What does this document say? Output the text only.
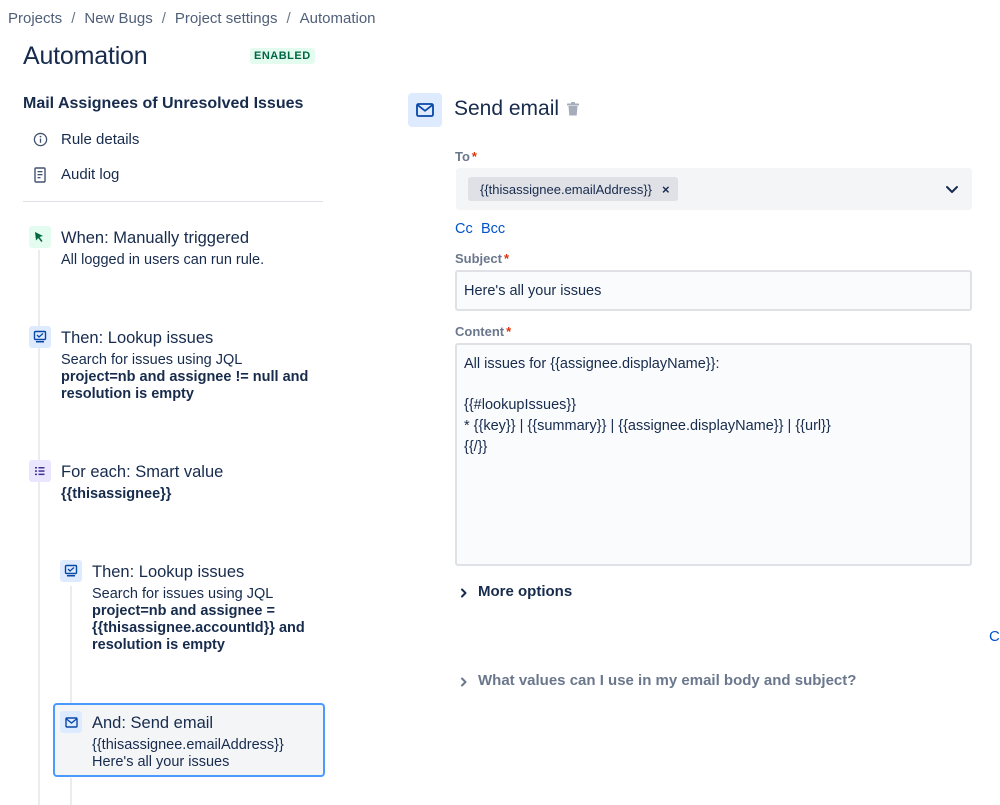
Projects / New Bugs / Project settings / Automation
Automation	ENABLED
Mail Assignees of Unresolved Issues
Rule details
Audit log
When: Manually triggered
All logged in users can run rule.
Then: Lookup issues
Search for issues using JQL
project=nb and assignee != null and
resolution is empty
For each: Smart value
{{thisassignee}}
Then: Lookup issues
Search for issues using JQL
project=nb and assignee =
{{thisassignee.accountId}} and
resolution is empty
And: Send email
{{thisassignee.emailAddress}}
Here's all your issues
Send email
To *
{{thisassignee.emailAddress}} ×
Cc Bcc
Subject *
Here's all your issues
Content *
All issues for {{assignee.displayName}}:

{{#lookupIssues}}
* {{key}} | {{summary}} | {{assignee.displayName}} | {{url}}
{{/}}
More options
C
What values can I use in my email body and subject?
